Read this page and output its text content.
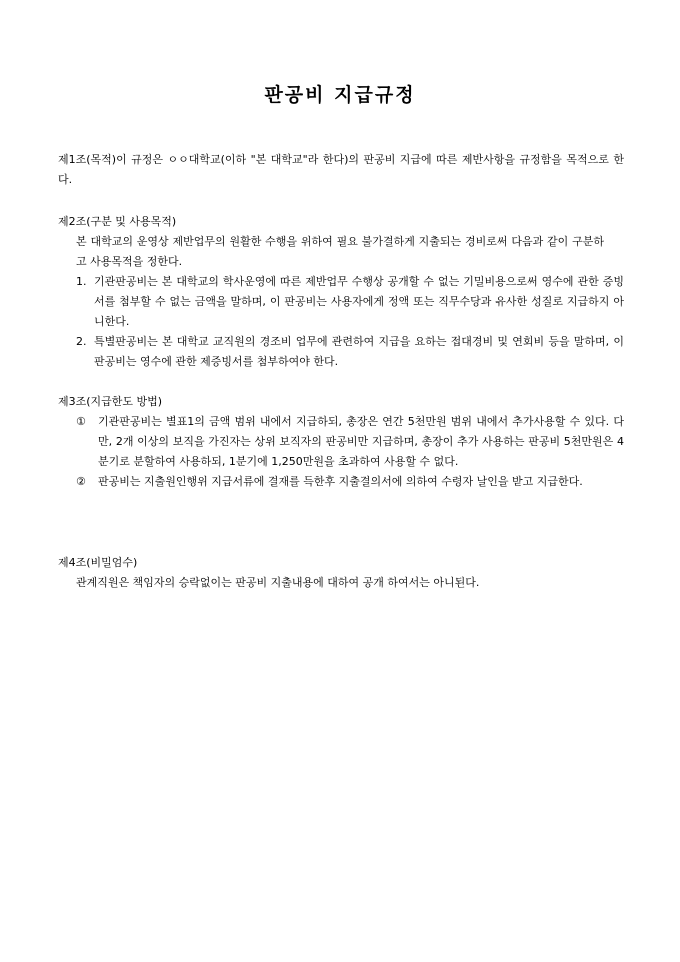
판공비 지급규정
제1조(목적)이 규정은 ㅇㅇ대학교(이하 "본 대학교"라 한다)의 판공비 지급에 따른 제반사항을 규정함을 목적으로 한다.
제2조(구분 및 사용목적)
본 대학교의 운영상 제반업무의 원활한 수행을 위하여 필요 불가결하게 지출되는 경비로써 다음과 같이 구분하고 사용목적을 정한다.
1. 기관판공비는 본 대학교의 학사운영에 따른 제반업무 수행상 공개할 수 없는 기밀비용으로써 영수에 관한 증빙서를 첨부할 수 없는 금액을 말하며, 이 판공비는 사용자에게 정액 또는 직무수당과 유사한 성질로 지급하지 아니한다.
2. 특별판공비는 본 대학교 교직원의 경조비 업무에 관련하여 지급을 요하는 접대경비 및 연회비 등을 말하며, 이 판공비는 영수에 관한 제증빙서를 첨부하여야 한다.
제3조(지급한도 방법)
①	기관판공비는 별표1의 금액 범위 내에서 지급하되, 총장은 연간 5천만원 범위 내에서 추가사용할 수 있다. 다만, 2개 이상의 보직을 가진자는 상위 보직자의 판공비만 지급하며, 총장이 추가 사용하는 판공비 5천만원은 4분기로 분할하여 사용하되, 1분기에 1,250만원을 초과하여 사용할 수 없다.
②	판공비는 지출원인행위 지급서류에 결재를 득한후 지출결의서에 의하여 수령자 날인을 받고 지급한다.
제4조(비밀엄수)
관계직원은 책임자의 승락없이는 판공비 지출내용에 대하여 공개 하여서는 아니된다.
